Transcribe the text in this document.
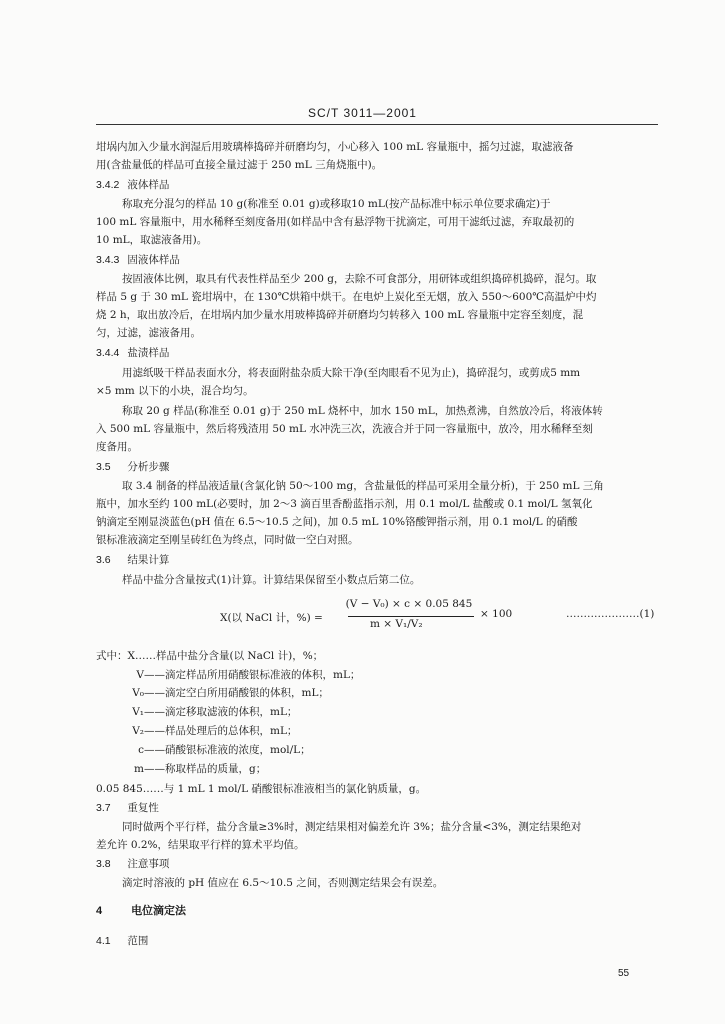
SC/T 3011—2001
坩埚内加入少量水润湿后用玻璃棒捣碎并研磨均匀，小心移入 100 mL 容量瓶中，摇匀过滤，取滤液备
用(含盐量低的样品可直接全量过滤于 250 mL 三角烧瓶中)。
3.4.2 液体样品
称取充分混匀的样品 10 g(称准至 0.01 g)或移取10 mL(按产品标准中标示单位要求确定)于
100 mL 容量瓶中，用水稀释至刻度备用(如样品中含有悬浮物干扰滴定，可用干滤纸过滤，弃取最初的
10 mL，取滤液备用)。
3.4.3 固液体样品
按固液体比例，取具有代表性样品至少 200 g，去除不可食部分，用研钵或组织捣碎机捣碎，混匀。取
样品 5 g 于 30 mL 瓷坩埚中，在 130℃烘箱中烘干。在电炉上炭化至无烟，放入 550～600℃高温炉中灼
烧 2 h，取出放冷后，在坩埚内加少量水用玻棒捣碎并研磨均匀转移入 100 mL 容量瓶中定容至刻度，混
匀，过滤，滤液备用。
3.4.4 盐渍样品
用滤纸吸干样品表面水分，将表面附盐杂质大除干净(至肉眼看不见为止)，捣碎混匀，或剪成5 mm
×5 mm 以下的小块，混合均匀。
称取 20 g 样品(称准至 0.01 g)于 250 mL 烧杯中，加水 150 mL，加热煮沸，自然放冷后，将液体转
入 500 mL 容量瓶中，然后将残渣用 50 mL 水冲洗三次，洗液合并于同一容量瓶中，放冷，用水稀释至刻
度备用。
3.5 分析步骤
取 3.4 制备的样品液适量(含氯化钠 50～100 mg，含盐量低的样品可采用全量分析)，于 250 mL 三角
瓶中，加水至约 100 mL(必要时，加 2～3 滴百里香酚蓝指示剂，用 0.1 mol/L 盐酸或 0.1 mol/L 氢氧化
钠滴定至刚显淡蓝色(pH 值在 6.5～10.5 之间)，加 0.5 mL 10%铬酸钾指示剂，用 0.1 mol/L 的硝酸
银标准液滴定至刚呈砖红色为终点，同时做一空白对照。
3.6 结果计算
样品中盐分含量按式(1)计算。计算结果保留至小数点后第二位。
X(以 NaCl 计，%) =
(V − V₀) × c × 0.05 845
m × V₁/V₂
× 100	…………………(1)
式中：X……样品中盐分含量(以 NaCl 计)，%；
V——滴定样品所用硝酸银标准液的体积，mL；
V₀——滴定空白所用硝酸银的体积，mL；
V₁——滴定移取滤液的体积，mL；
V₂——样品处理后的总体积，mL；
c——硝酸银标准液的浓度，mol/L；
m——称取样品的质量，g；
0.05 845……与 1 mL 1 mol/L 硝酸银标准液相当的氯化钠质量，g。
3.7 重复性
同时做两个平行样，盐分含量≥3%时，测定结果相对偏差允许 3%；盐分含量<3%，测定结果绝对
差允许 0.2%，结果取平行样的算术平均值。
3.8 注意事项
滴定时溶液的 pH 值应在 6.5～10.5 之间，否则测定结果会有误差。
4	电位滴定法
4.1 范围
55
